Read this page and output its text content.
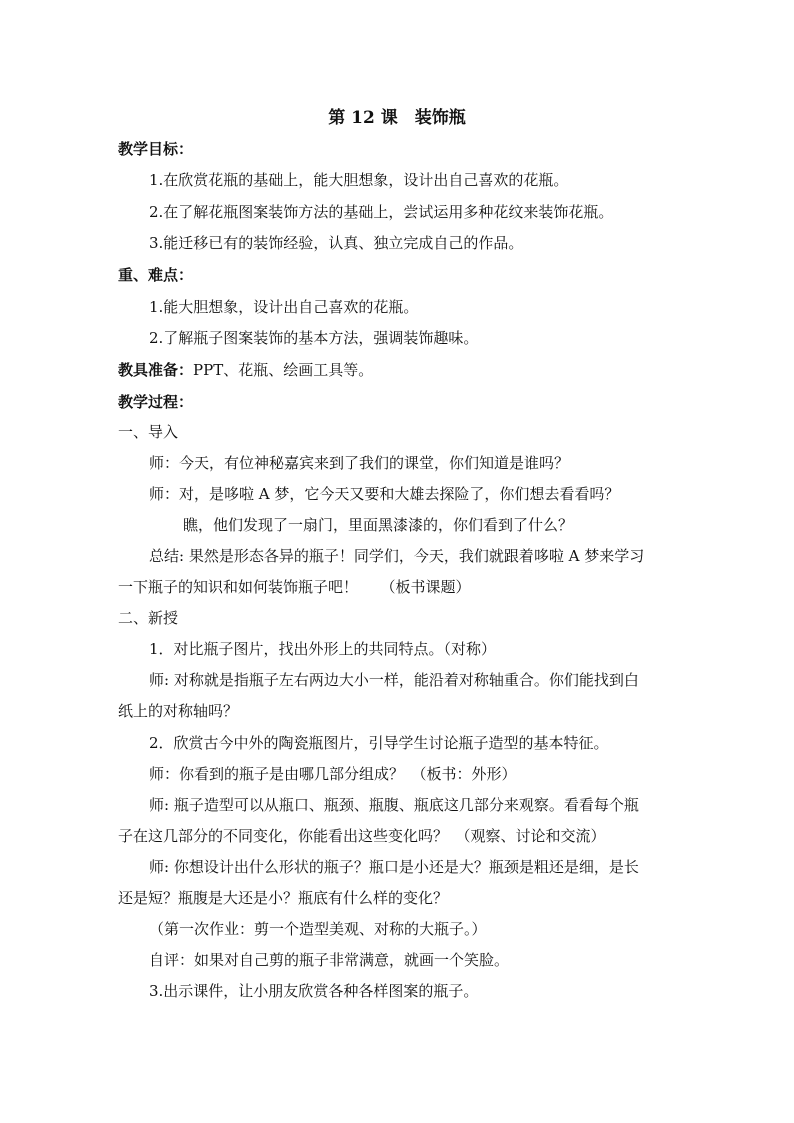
第 12 课　装饰瓶
教学目标：
1.在欣赏花瓶的基础上，能大胆想象，设计出自己喜欢的花瓶。
2.在了解花瓶图案装饰方法的基础上，尝试运用多种花纹来装饰花瓶。
3.能迁移已有的装饰经验，认真、独立完成自己的作品。
重、难点：
1.能大胆想象，设计出自己喜欢的花瓶。
2.了解瓶子图案装饰的基本方法，强调装饰趣味。
教具准备：PPT、花瓶、绘画工具等。
教学过程：
一、导入
师：今天，有位神秘嘉宾来到了我们的课堂，你们知道是谁吗？
师：对，是哆啦 A 梦，它今天又要和大雄去探险了，你们想去看看吗？
瞧，他们发现了一扇门，里面黑漆漆的，你们看到了什么？
总结: 果然是形态各异的瓶子！同学们，今天，我们就跟着哆啦 A 梦来学习
一下瓶子的知识和如何装饰瓶子吧！　　（板书课题）
二、新授
1．对比瓶子图片，找出外形上的共同特点。（对称）
师: 对称就是指瓶子左右两边大小一样，能沿着对称轴重合。你们能找到白
纸上的对称轴吗？
2．欣赏古今中外的陶瓷瓶图片，引导学生讨论瓶子造型的基本特征。
师：你看到的瓶子是由哪几部分组成？　（板书：外形）
师: 瓶子造型可以从瓶口、瓶颈、瓶腹、瓶底这几部分来观察。看看每个瓶
子在这几部分的不同变化，你能看出这些变化吗？　（观察、讨论和交流）
师: 你想设计出什么形状的瓶子？瓶口是小还是大？瓶颈是粗还是细，是长
还是短？瓶腹是大还是小？瓶底有什么样的变化？
（第一次作业：剪一个造型美观、对称的大瓶子。）
自评：如果对自己剪的瓶子非常满意，就画一个笑脸。
3.出示课件，让小朋友欣赏各种各样图案的瓶子。
